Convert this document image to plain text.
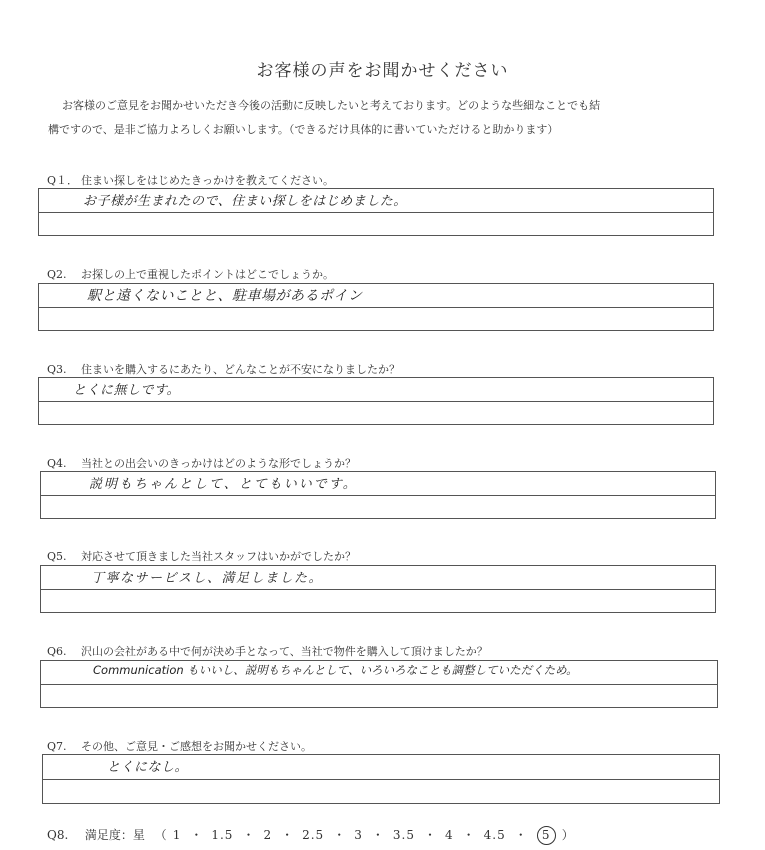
お客様の声をお聞かせください
お客様のご意見をお聞かせいただき今後の活動に反映したいと考えております。どのような些細なことでも結
構ですので、是非ご協力よろしくお願いします。（できるだけ具体的に書いていただけると助かります）
Q１． 住まい探しをはじめたきっかけを教えてください。
お子様が生まれたので、住まい探しをはじめました。
Q2. お探しの上で重視したポイントはどこでしょうか。
駅と遠くないことと、駐車場があるポイン
Q3. 住まいを購入するにあたり、どんなことが不安になりましたか？
とくに無しです。
Q4. 当社との出会いのきっかけはどのような形でしょうか？
説明もちゃんとして、とてもいいです。
Q5. 対応させて頂きました当社スタッフはいかがでしたか？
丁寧なサービスし、満足しました。
Q6. 沢山の会社がある中で何が決め手となって、当社で物件を購入して頂けましたか？
Communication もいいし、説明もちゃんとして、いろいろなことも調整していただくため。
Q7. その他、ご意見・ご感想をお聞かせください。
とくになし。
Q8. 満足度：星 （ 1 ・ 1.5 ・ 2 ・ 2.5 ・ 3 ・ 3.5 ・ 4 ・ 4.5 ・ 5 ）
